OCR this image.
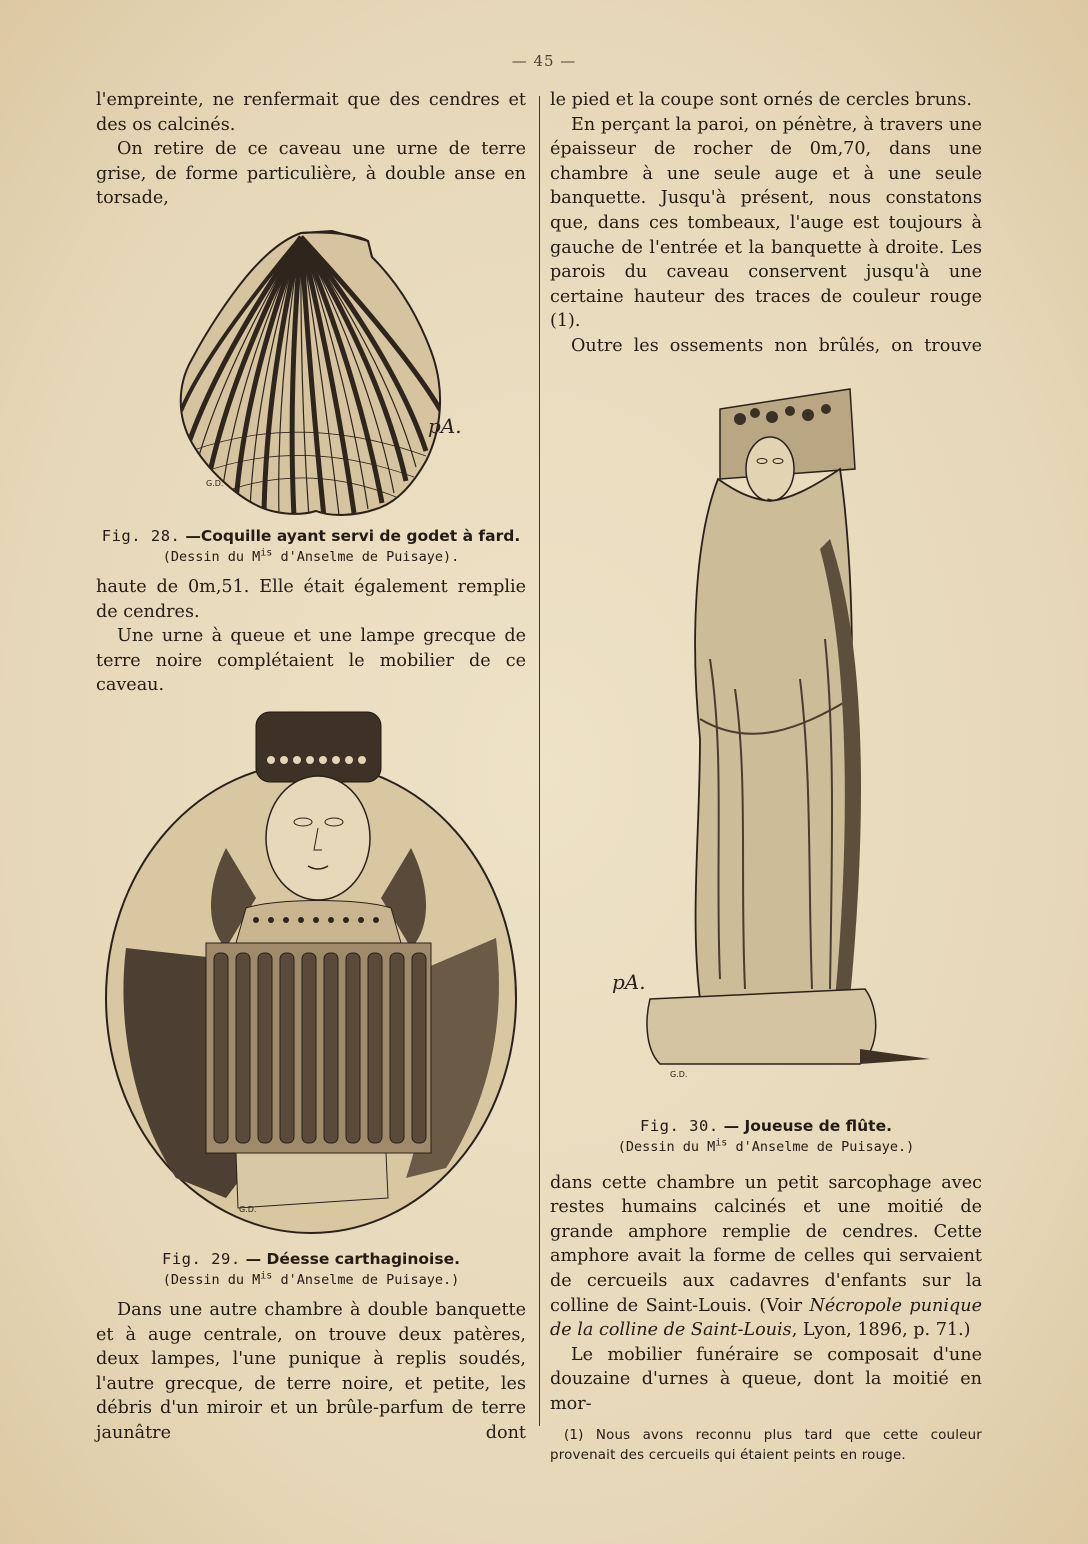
— 45 —

l'empreinte, ne renfermait que des cendres et des os calcinés.

On retire de ce caveau une urne de terre grise, de forme particulière, à double anse en torsade,

pA.
G.D.
Fig. 28. —Coquille ayant servi de godet à fard.
(Dessin du $M^{is}$ d'Anselme de Puisaye).

haute de 0m,51. Elle était également remplie de cendres.

Une urne à queue et une lampe grecque de terre noire complétaient le mobilier de ce caveau.

G.D.
Fig. 29. — Déesse carthaginoise.
(Dessin du $M^{is}$ d'Anselme de Puisaye.)

Dans une autre chambre à double banquette et à auge centrale, on trouve deux patères, deux lampes, l'une punique à replis soudés, l'autre grecque, de terre noire, et petite, les débris d'un miroir et un brûle-parfum de terre jaunâtre dont

le pied et la coupe sont ornés de cercles bruns.

En perçant la paroi, on pénètre, à travers une épaisseur de rocher de 0m,70, dans une chambre à une seule auge et à une seule banquette. Jusqu'à présent, nous constatons que, dans ces tombeaux, l'auge est toujours à gauche de l'entrée et la banquette à droite. Les parois du caveau conservent jusqu'à une certaine hauteur des traces de couleur rouge (1).

Outre les ossements non brûlés, on trouve

pA.
G.D.
Fig. 30. — Joueuse de flûte.
(Dessin du $M^{is}$ d'Anselme de Puisaye.)

dans cette chambre un petit sarcophage avec restes humains calcinés et une moitié de grande amphore remplie de cendres. Cette amphore avait la forme de celles qui servaient de cercueils aux cadavres d'enfants sur la colline de Saint-Louis. (Voir Nécropole punique de la colline de Saint-Louis, Lyon, 1896, p. 71.)

Le mobilier funéraire se composait d'une douzaine d'urnes à queue, dont la moitié en mor-

(1) Nous avons reconnu plus tard que cette couleur provenait des cercueils qui étaient peints en rouge.
